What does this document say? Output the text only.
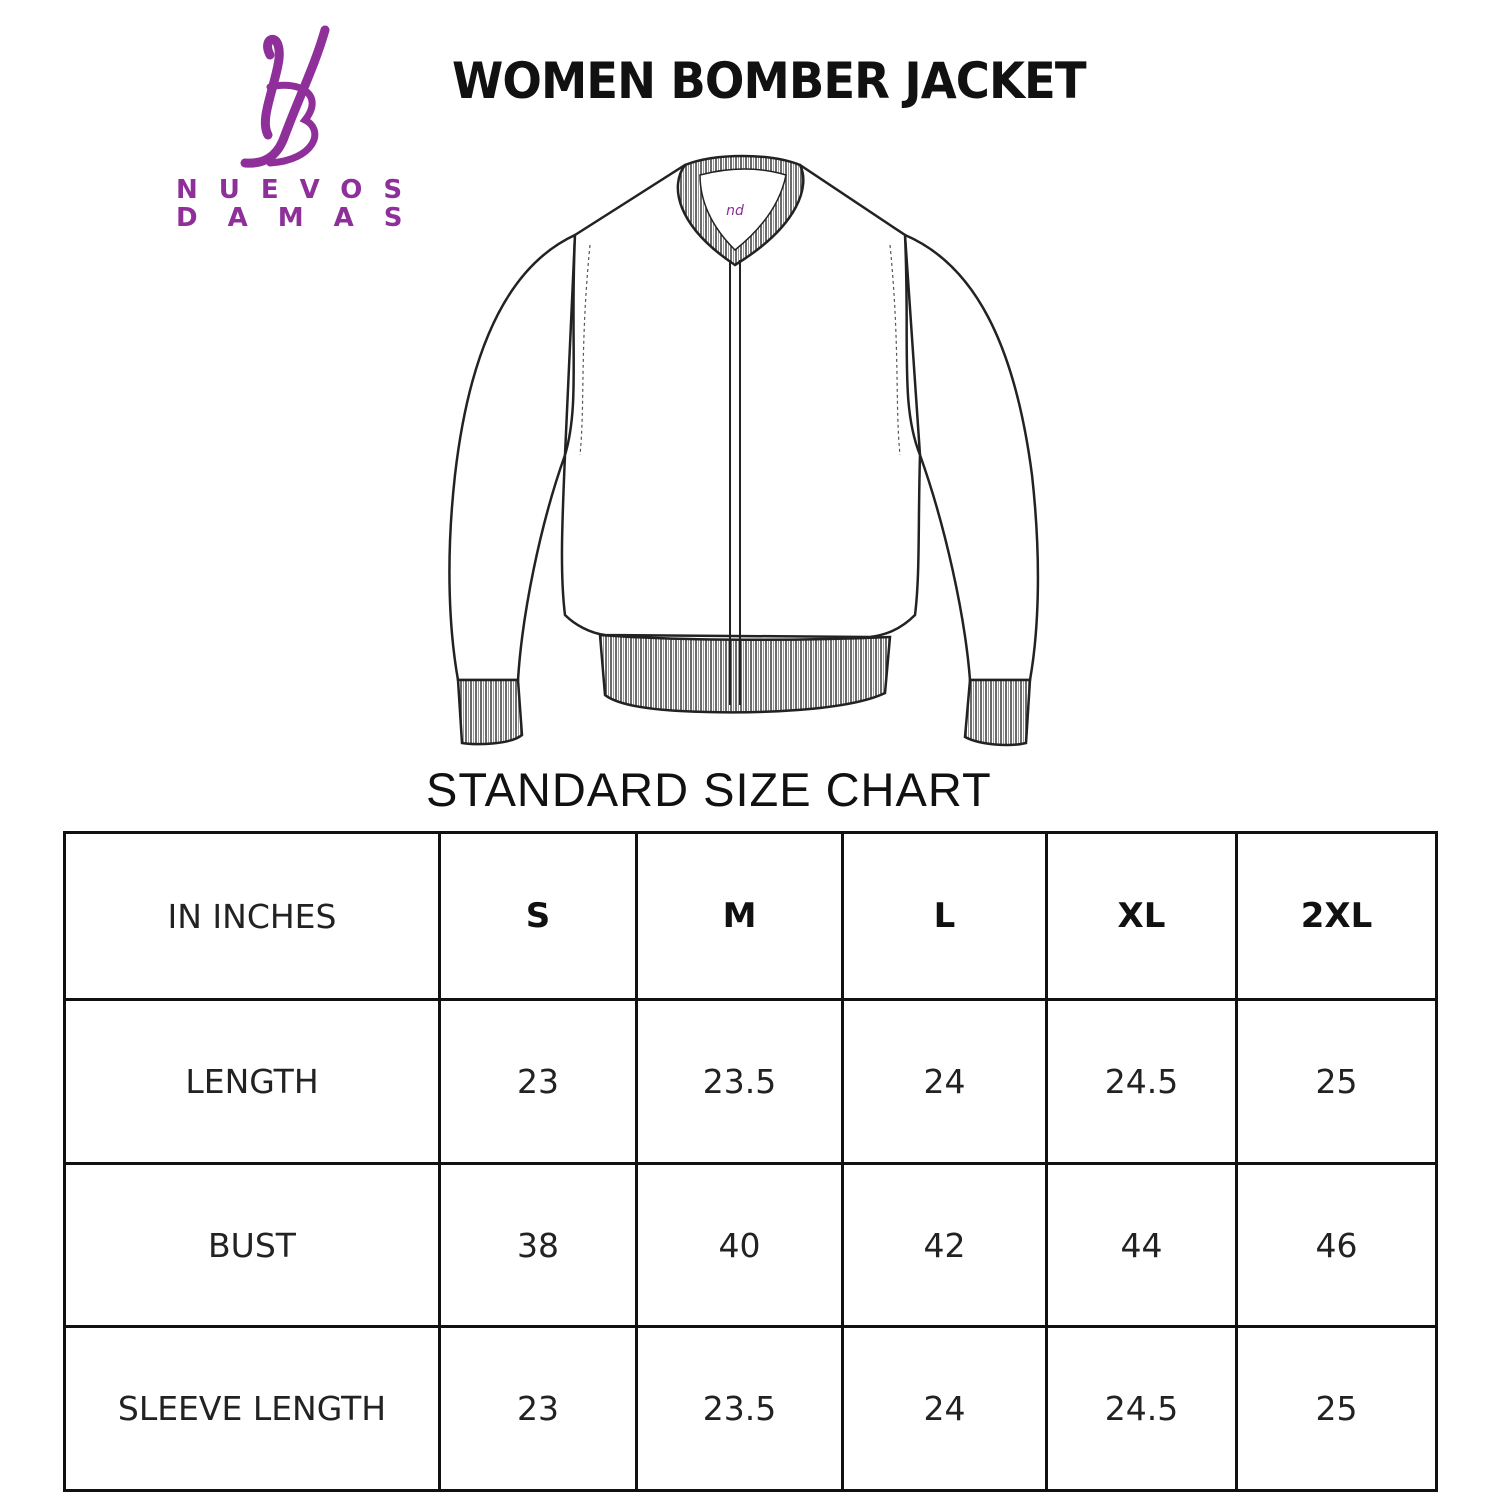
NUEVOS
DAMAS
WOMEN BOMBER JACKET
nd
STANDARD SIZE CHART
IN INCHES	S	M	L	XL	2XL
LENGTH	23	23.5	24	24.5	25
BUST	38	40	42	44	46
SLEEVE LENGTH	23	23.5	24	24.5	25
